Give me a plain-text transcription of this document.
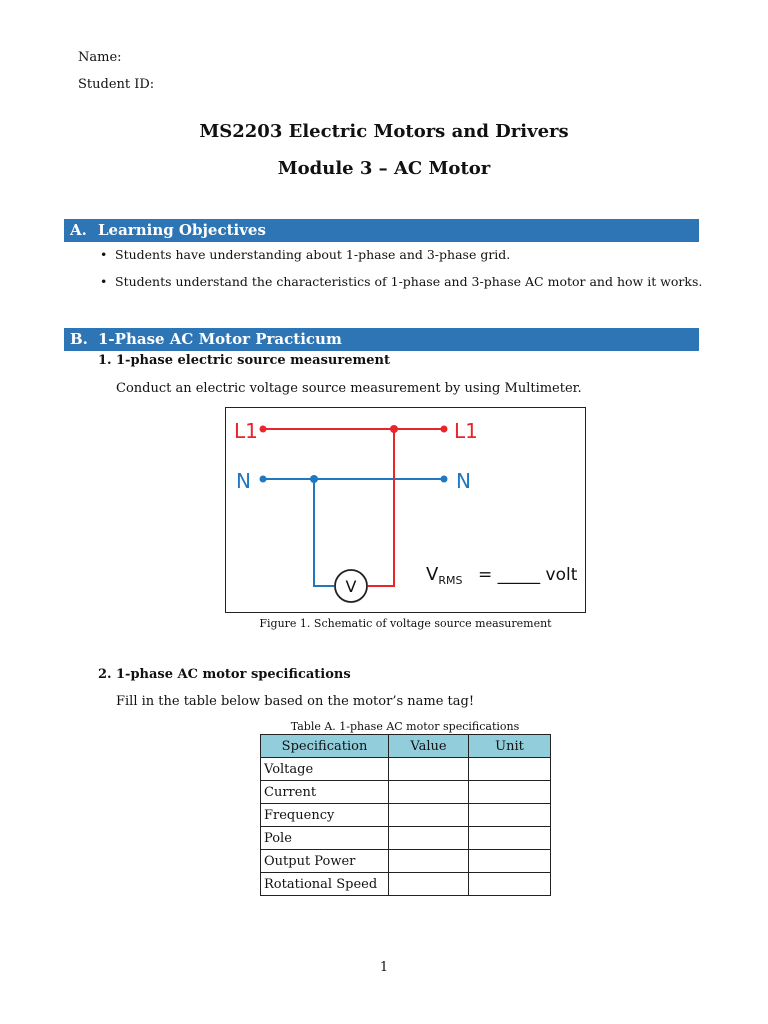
Name:
Student ID:
MS2203 Electric Motors and Drivers
Module 3 – AC Motor
A. Learning Objectives
• Students have understanding about 1-phase and 3-phase grid.
• Students understand the characteristics of 1-phase and 3-phase AC motor and how it works.
B. 1-Phase AC Motor Practicum
1. 1-phase electric source measurement
Conduct an electric voltage source measurement by using Multimeter.
V
L1	L1
N	N
$V_{RMS}$ = _____ volt
Figure 1. Schematic of voltage source measurement
2. 1-phase AC motor specifications
Fill in the table below based on the motor’s name tag!
Table A. 1-phase AC motor specifications
Specification	Value	Unit
Voltage		
Current		
Frequency		
Pole		
Output Power		
Rotational Speed		
1
